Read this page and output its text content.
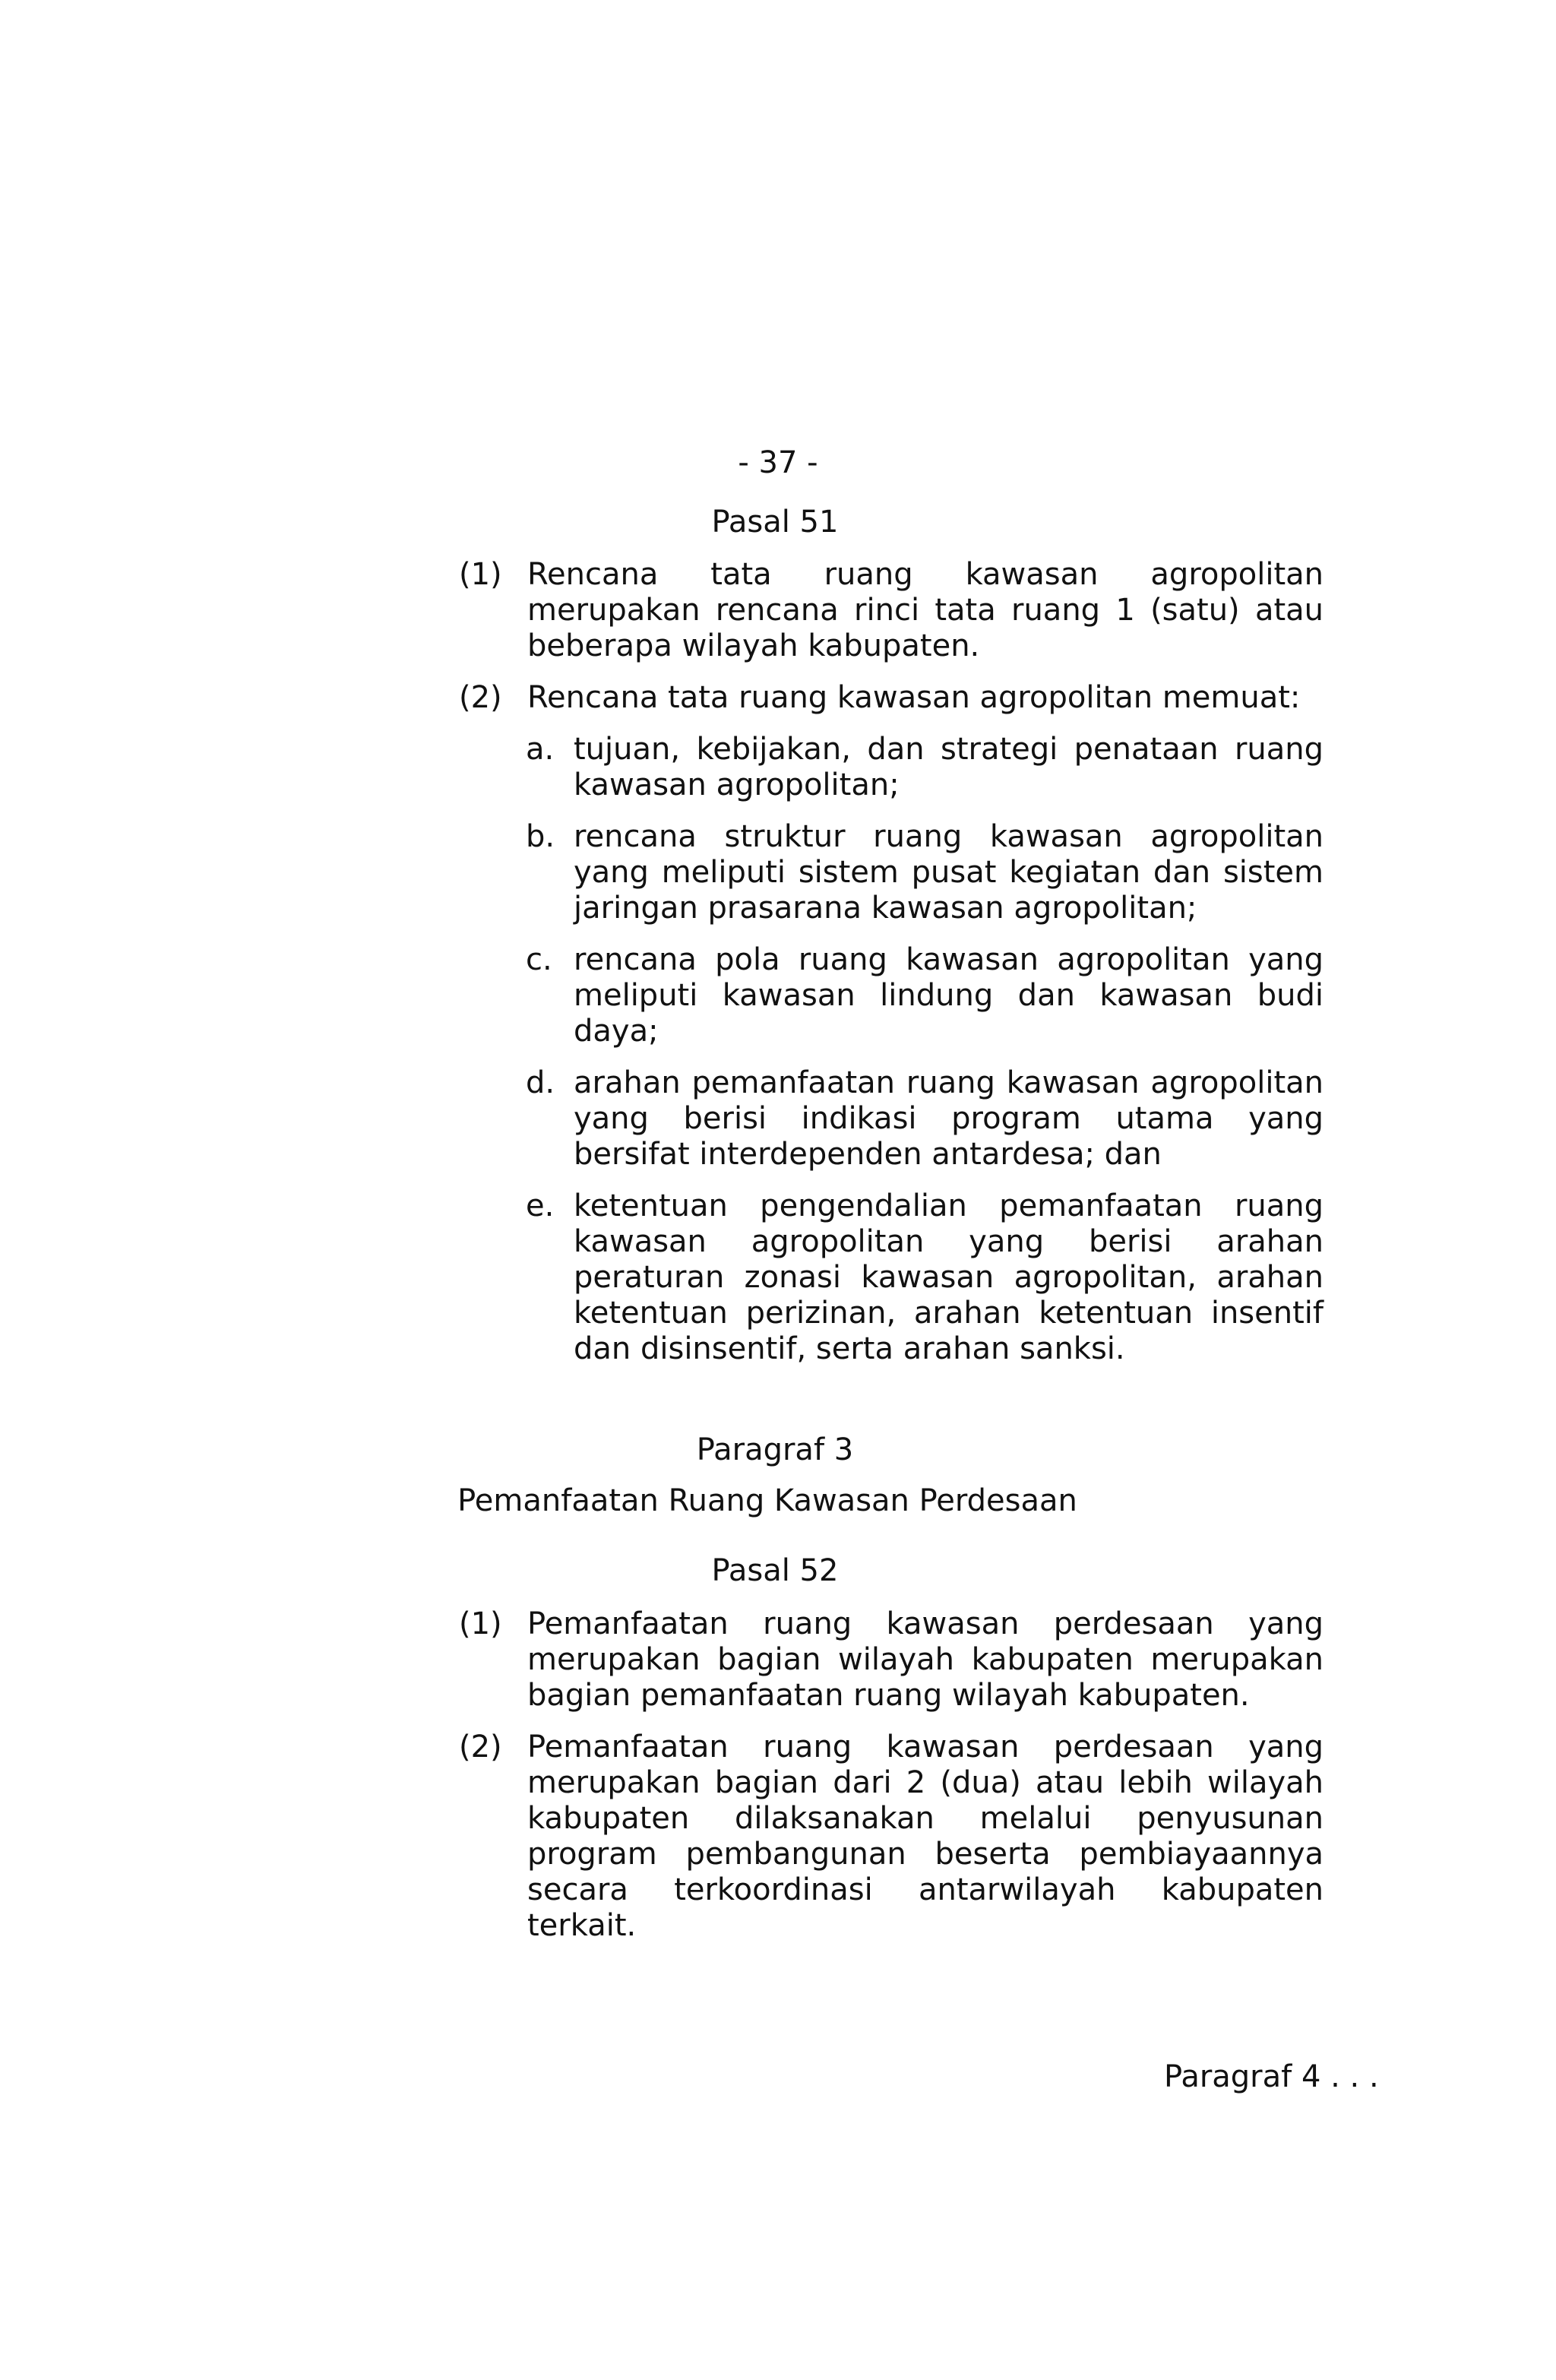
- 37 -
Pasal 51
(1) Rencana tata ruang kawasan agropolitan merupakan rencana rinci tata ruang 1 (satu) atau beberapa wilayah kabupaten.
(2) Rencana tata ruang kawasan agropolitan memuat:
a. tujuan, kebijakan, dan strategi penataan ruang kawasan agropolitan;
b. rencana struktur ruang kawasan agropolitan yang meliputi sistem pusat kegiatan dan sistem jaringan prasarana kawasan agropolitan;
c. rencana pola ruang kawasan agropolitan yang meliputi kawasan lindung dan kawasan budi daya;
d. arahan pemanfaatan ruang kawasan agropolitan yang berisi indikasi program utama yang bersifat interdependen antardesa; dan
e. ketentuan pengendalian pemanfaatan ruang kawasan agropolitan yang berisi arahan peraturan zonasi kawasan agropolitan, arahan ketentuan perizinan, arahan ketentuan insentif dan disinsentif, serta arahan sanksi.
Paragraf 3
Pemanfaatan Ruang Kawasan Perdesaan
Pasal 52
(1) Pemanfaatan ruang kawasan perdesaan yang merupakan bagian wilayah kabupaten merupakan bagian pemanfaatan ruang wilayah kabupaten.
(2) Pemanfaatan ruang kawasan perdesaan yang merupakan bagian dari 2 (dua) atau lebih wilayah kabupaten dilaksanakan melalui penyusunan program pembangunan beserta pembiayaannya secara terkoordinasi antarwilayah kabupaten terkait.
Paragraf 4 . . .
